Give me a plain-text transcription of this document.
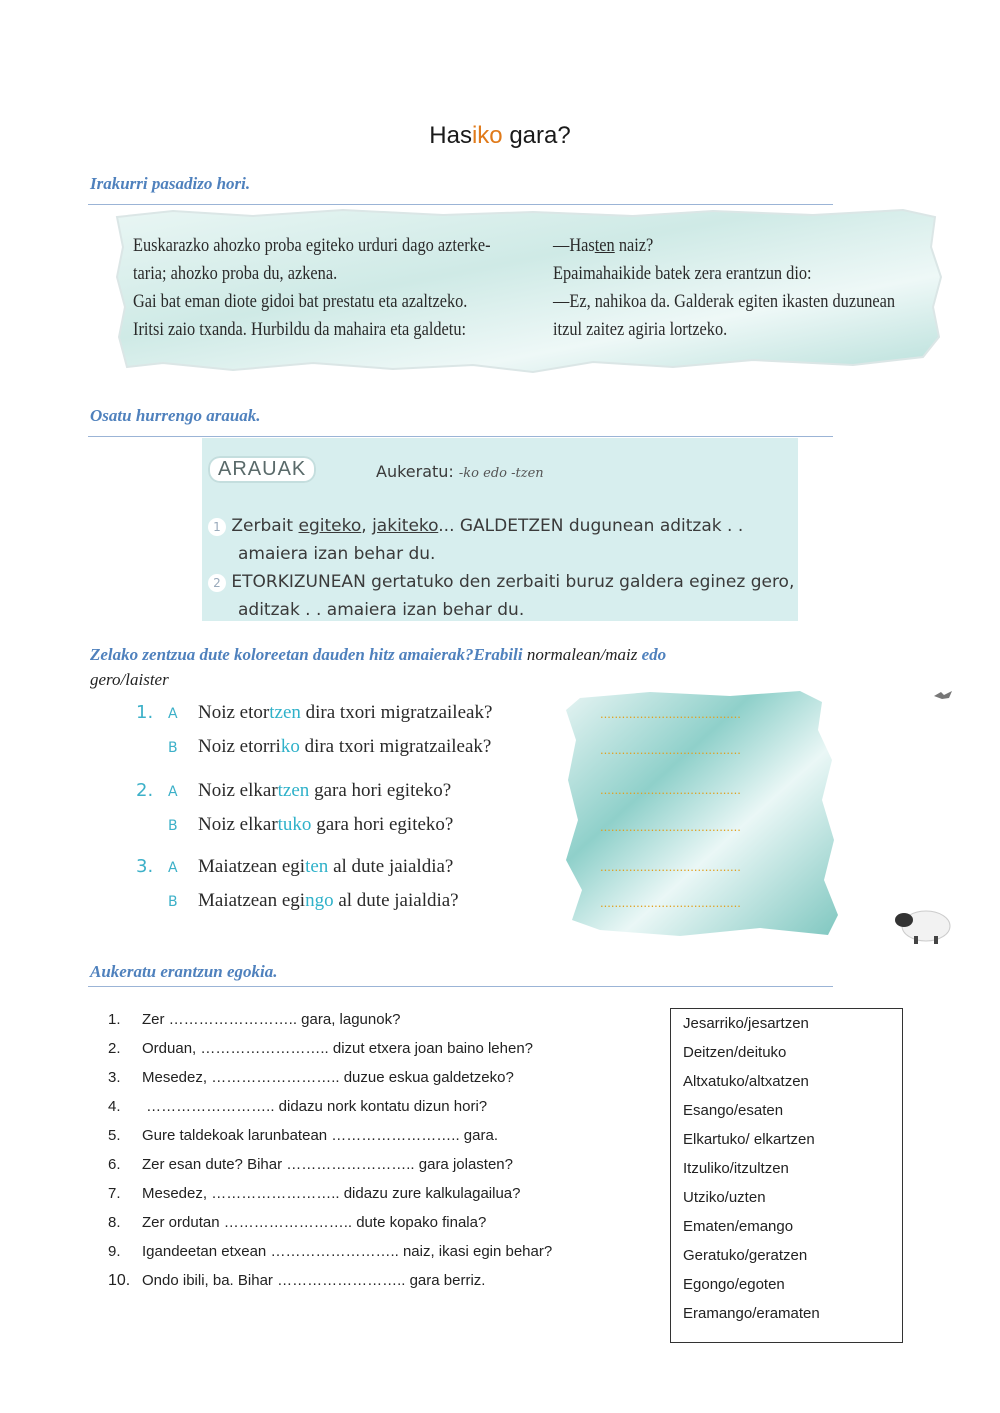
Hasiko gara?
Irakurri pasadizo hori.
Euskarazko ahozko proba egiteko urduri dago azterke-
taria; ahozko proba du, azkena.
Gai bat eman diote gidoi bat prestatu eta azaltzeko.
Iritsi zaio txanda. Hurbildu da mahaira eta galdetu:
—Hasten naiz?
Epaimahaikide batek zera erantzun dio:
—Ez, nahikoa da. Galderak egiten ikasten duzunean
itzul zaitez agiria lortzeko.
Osatu hurrengo arauak.
ARAUAK	Aukeratu: -ko edo -tzen
1 Zerbait egiteko, jakiteko... GALDETZEN dugunean aditzak . .
amaiera izan behar du.
2 ETORKIZUNEAN gertatuko den zerbaiti buruz galdera eginez gero,
aditzak . . amaiera izan behar du.
Zelako zentzua dute koloreetan dauden hitz amaierak?Erabili normalean/maiz edo
gero/laister
1. A Noiz etortzen dira txori migratzaileak?
B Noiz etorriko dira txori migratzaileak?
2. A Noiz elkartzen gara hori egiteko?
B Noiz elkartuko gara hori egiteko?
3. A Maiatzean egiten al dute jaialdia?
B Maiatzean egingo al dute jaialdia?
.......................................
.......................................
.......................................
.......................................
.......................................
.......................................
Aukeratu erantzun egokia.
1. Zer …………………….. gara, lagunok?
2. Orduan, …………………….. dizut etxera joan baino lehen?
3. Mesedez, …………………….. duzue eskua galdetzeko?
4. …………………….. didazu nork kontatu dizun hori?
5. Gure taldekoak larunbatean …………………….. gara.
6. Zer esan dute? Bihar …………………….. gara jolasten?
7. Mesedez, …………………….. didazu zure kalkulagailua?
8. Zer ordutan …………………….. dute kopako finala?
9. Igandeetan etxean …………………….. naiz, ikasi egin behar?
10. Ondo ibili, ba. Bihar …………………….. gara berriz.
Jesarriko/jesartzen
Deitzen/deituko
Altxatuko/altxatzen
Esango/esaten
Elkartuko/ elkartzen
Itzuliko/itzultzen
Utziko/uzten
Ematen/emango
Geratuko/geratzen
Egongo/egoten
Eramango/eramaten
